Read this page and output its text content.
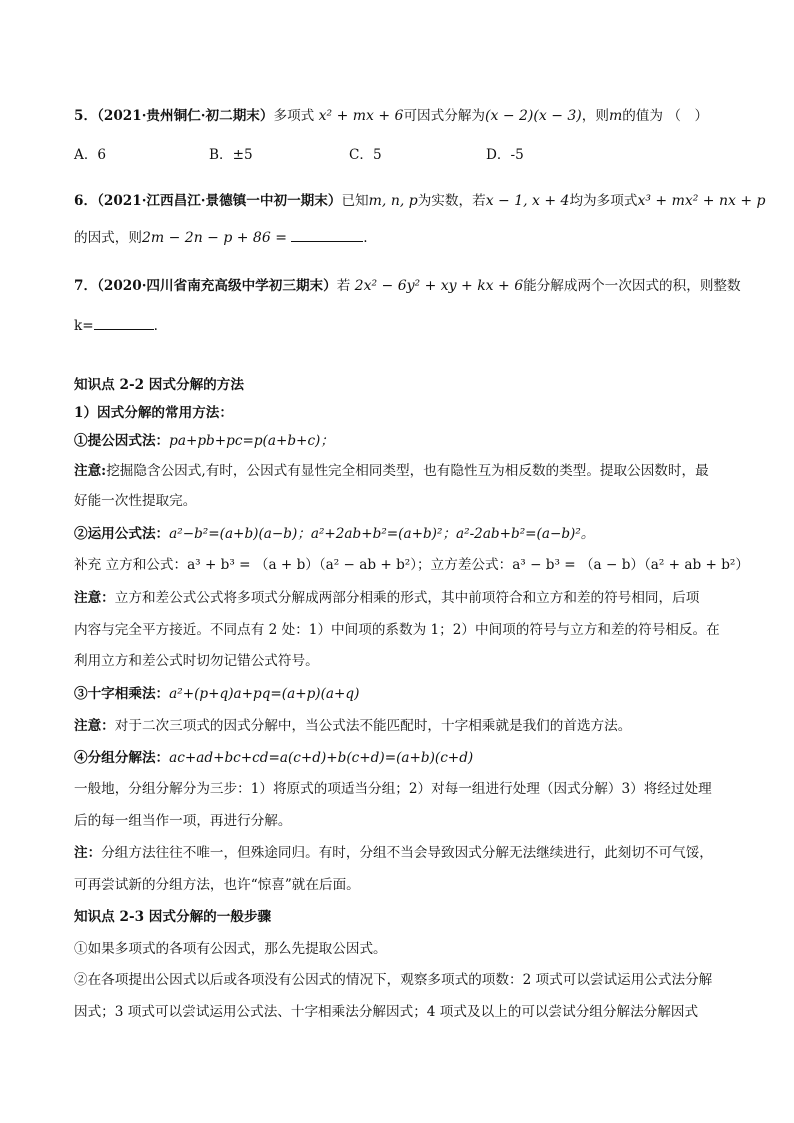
5．（2021·贵州铜仁·初二期末）多项式 x² + mx + 6可因式分解为(x − 2)(x − 3)，则m的值为 （　）
A．6	B．±5	C．5	D．-5
6．（2021·江西昌江·景德镇一中初一期末）已知m, n, p为实数，若x − 1, x + 4均为多项式x³ + mx² + nx + p
的因式，则2m − 2n − p + 86 =	.
7．（2020·四川省南充高级中学初三期末）若 2x² − 6y² + xy + kx + 6能分解成两个一次因式的积，则整数
k=	.
知识点 2-2 因式分解的方法
1）因式分解的常用方法：
①提公因式法：pa+pb+pc=p(a+b+c)；
注意:挖掘隐含公因式,有时，公因式有显性完全相同类型，也有隐性互为相反数的类型。提取公因数时，最
好能一次性提取完。
②运用公式法：a²−b²=(a+b)(a−b)；a²+2ab+b²=(a+b)²；a²-2ab+b²=(a−b)²。
补充 立方和公式：a³ + b³ = （a + b）（a² − ab + b²）；立方差公式：a³ − b³ = （a − b）（a² + ab + b²）
注意：立方和差公式公式将多项式分解成两部分相乘的形式，其中前项符合和立方和差的符号相同，后项
内容与完全平方接近。不同点有 2 处：1）中间项的系数为 1；2）中间项的符号与立方和差的符号相反。在
利用立方和差公式时切勿记错公式符号。
③十字相乘法：a²+(p+q)a+pq=(a+p)(a+q)
注意：对于二次三项式的因式分解中，当公式法不能匹配时，十字相乘就是我们的首选方法。
④分组分解法：ac+ad+bc+cd=a(c+d)+b(c+d)=(a+b)(c+d)
一般地，分组分解分为三步：1）将原式的项适当分组；2）对每一组进行处理（因式分解）3）将经过处理
后的每一组当作一项，再进行分解。
注：分组方法往往不唯一，但殊途同归。有时，分组不当会导致因式分解无法继续进行，此刻切不可气馁，
可再尝试新的分组方法，也许“惊喜”就在后面。
知识点 2-3 因式分解的一般步骤
①如果多项式的各项有公因式，那么先提取公因式。
②在各项提出公因式以后或各项没有公因式的情况下，观察多项式的项数：2 项式可以尝试运用公式法分解
因式；3 项式可以尝试运用公式法、十字相乘法分解因式；4 项式及以上的可以尝试分组分解法分解因式
